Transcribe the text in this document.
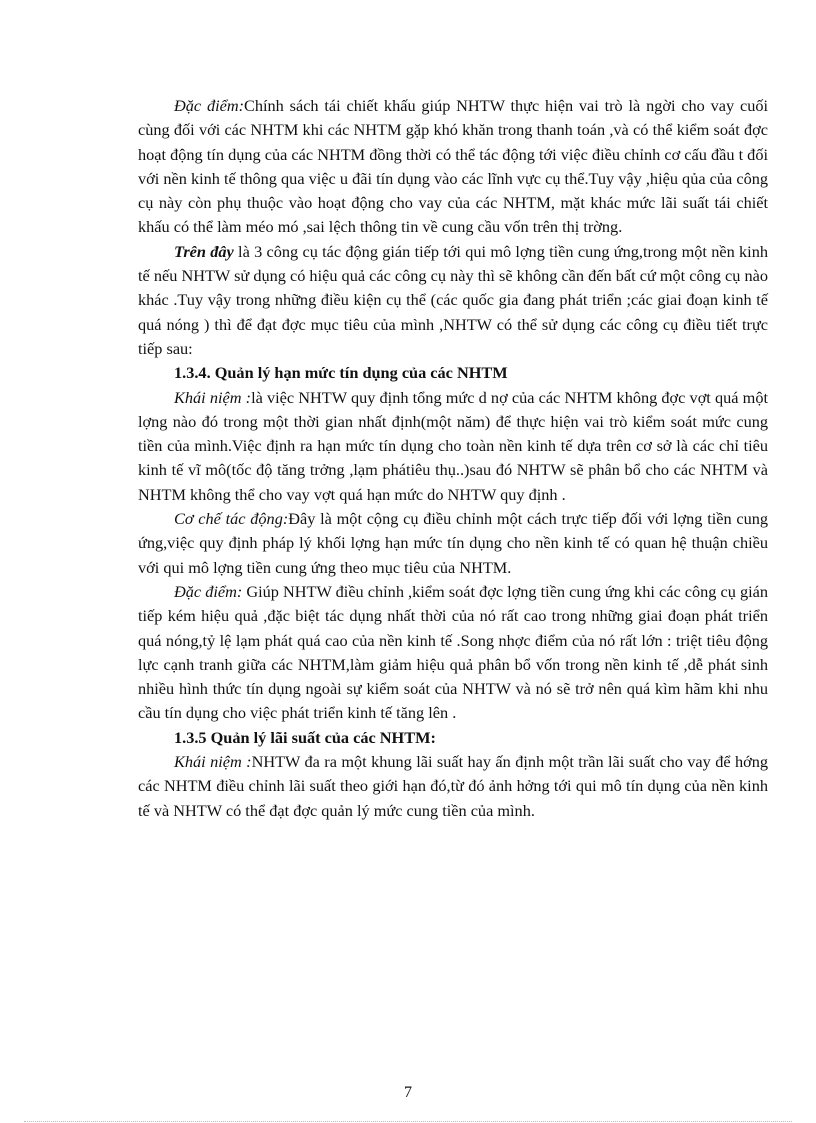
Đặc điểm:Chính sách tái chiết khấu giúp NHTW thực hiện vai trò là ngời cho vay cuối cùng đối với các NHTM khi các NHTM gặp khó khăn trong thanh toán ,và có thể kiểm soát đợc hoạt động tín dụng của các NHTM đồng thời có thể tác động tới việc điều chỉnh cơ cấu đầu t đối với nền kinh tế thông qua việc u đãi tín dụng vào các lĩnh vực cụ thể.Tuy vậy ,hiệu qủa của công cụ này còn phụ thuộc vào hoạt động cho vay của các NHTM, mặt khác mức lãi suất tái chiết khấu có thể làm méo mó ,sai lệch thông tin về cung cầu vốn trên thị trờng.

Trên đây là 3 công cụ tác động gián tiếp tới qui mô lợng tiền cung ứng,trong một nền kinh tế nếu NHTW sử dụng có hiệu quả các công cụ này thì sẽ không cần đến bất cứ một công cụ nào khác .Tuy vậy trong những điều kiện cụ thể (các quốc gia đang phát triển ;các giai đoạn kinh tế quá nóng ) thì để đạt đợc mục tiêu của mình ,NHTW có thể sử dụng các công cụ điều tiết trực tiếp sau:

1.3.4. Quản lý hạn mức tín dụng của các NHTM

Khái niệm :là việc NHTW quy định tổng mức d nợ của các NHTM không đợc vợt quá một lợng nào đó trong một thời gian nhất định(một năm) để thực hiện vai trò kiểm soát mức cung tiền của mình.Việc định ra hạn mức tín dụng cho toàn nền kinh tế dựa trên cơ sở là các chỉ tiêu kinh tế vĩ mô(tốc độ tăng trởng ,lạm phátiêu thụ..)sau đó NHTW sẽ phân bổ cho các NHTM và NHTM không thể cho vay vợt quá hạn mức do NHTW quy định .

Cơ chế tác động:Đây là một cộng cụ điều chỉnh một cách trực tiếp đối với lợng tiền cung ứng,việc quy định pháp lý khối lợng hạn mức tín dụng cho nền kinh tế có quan hệ thuận chiều với qui mô lợng tiền cung ứng theo mục tiêu của NHTM.

Đặc điểm: Giúp NHTW điều chỉnh ,kiểm soát đợc lợng tiền cung ứng khi các công cụ gián tiếp kém hiệu quả ,đặc biệt tác dụng nhất thời của nó rất cao trong những giai đoạn phát triển quá nóng,tỷ lệ lạm phát quá cao của nền kinh tế .Song nhợc điểm của nó rất lớn : triệt tiêu động lực cạnh tranh giữa các NHTM,làm giảm hiệu quả phân bổ vốn trong nền kinh tế ,dễ phát sinh nhiều hình thức tín dụng ngoài sự kiểm soát của NHTW và nó sẽ trở nên quá kìm hãm khi nhu cầu tín dụng cho việc phát triển kinh tế tăng lên .

1.3.5 Quản lý lãi suất của các NHTM:

Khái niệm :NHTW đa ra một khung lãi suất hay ấn định một trần lãi suất cho vay để hớng các NHTM điều chỉnh lãi suất theo giới hạn đó,từ đó ảnh hởng tới qui mô tín dụng của nền kinh tế và NHTW có thể đạt đợc quản lý mức cung tiền của mình.

7
